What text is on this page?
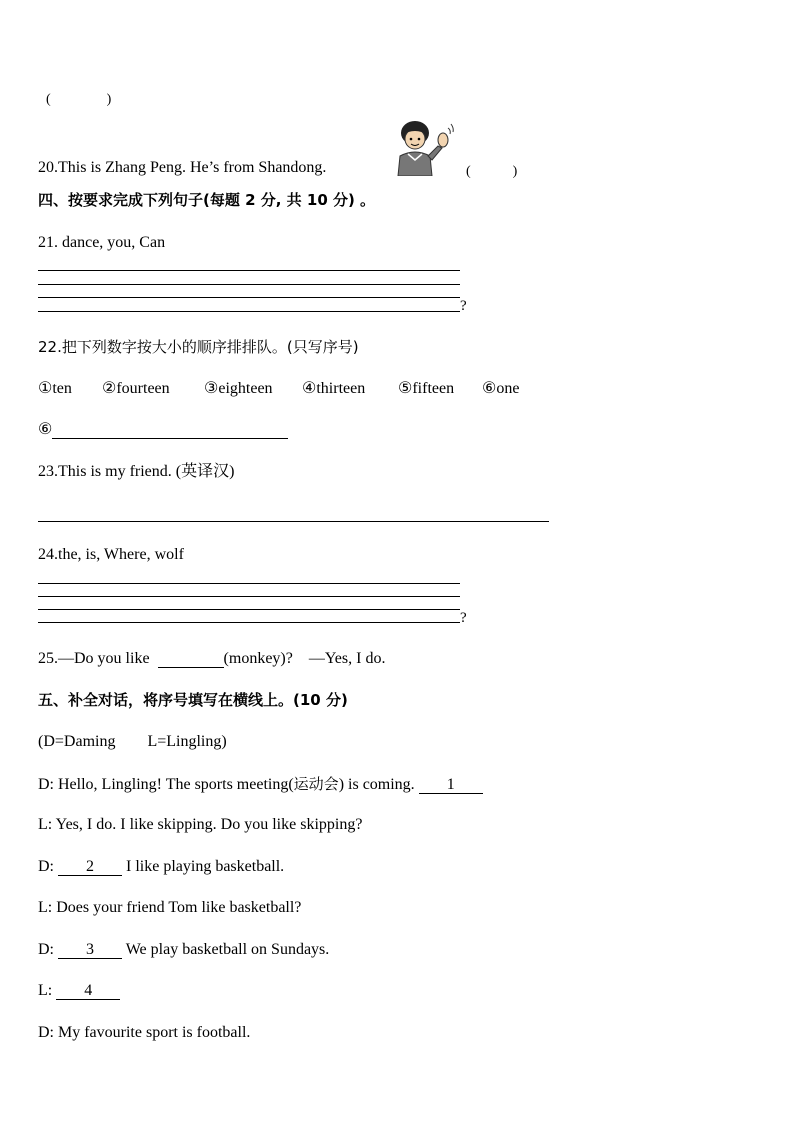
(　　　　)
20.This is Zhang Peng. He’s from Shandong.	(　　　)
四、按要求完成下列句子(每题 2 分, 共 10 分) 。
21. dance, you, Can
?
22.把下列数字按大小的顺序排排队。(只写序号)
①ten ②fourteen ③eighteen ④thirteen ⑤fifteen ⑥one
⑥
23.This is my friend. (英译汉)
24.the, is, Where, wolf
?
25.—Do you like	(monkey)?　—Yes, I do.
五、补全对话，将序号填写在横线上。(10 分)
(D=Daming　　L=Lingling)
D: Hello, Lingling! The sports meeting(运动会) is coming. 1
L: Yes, I do. I like skipping. Do you like skipping?
D: 2 I like playing basketball.
L: Does your friend Tom like basketball?
D: 3 We play basketball on Sundays.
L: 4
D: My favourite sport is football.
